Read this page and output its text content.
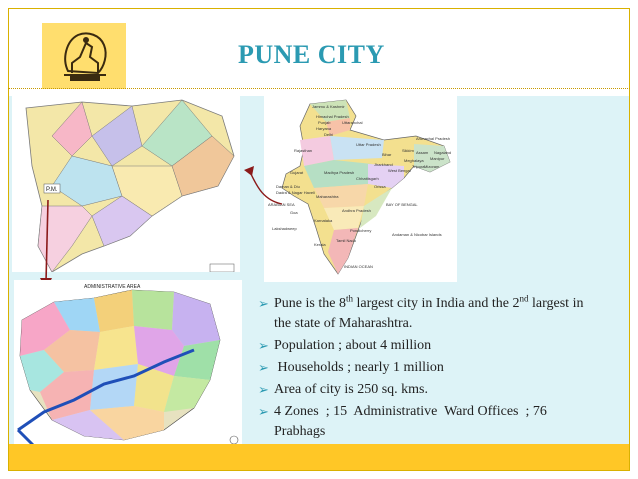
PUNE CITY
P.M.
Jammu & Kashmir
Himachal Pradesh
Punjab	Uttaranchal
Haryana
Delhi
Uttar Pradesh
Rajasthan
Arunachal Pradesh
Sikkim Assam Nagaland
Meghalaya Manipur
Tripura Mizoram
Bihar
West Bengal
Jharkhand
Gujarat	Madhya Pradesh
Chhattisgarh
Orissa
Daman & Diu
Dadra & Nagar Haveli
Maharashtra
ARABIAN SEA
Goa	Andhra Pradesh
BAY OF BENGAL
Karnataka
Lakshadweep	Pondicherry
Tamil Nadu
Kerala
Andaman & Nicobar Islands
INDIAN OCEAN
ADMINISTRATIVE AREA
➢ Pune is the 8th largest city in India and the 2nd largest in the state of Maharashtra.
➢ Population ; about 4 million
➢ Households ; nearly 1 million
➢ Area of city is 250 sq. kms.
➢ 4 Zones  ; 15  Administrative  Ward Offices  ; 76 Prabhags
